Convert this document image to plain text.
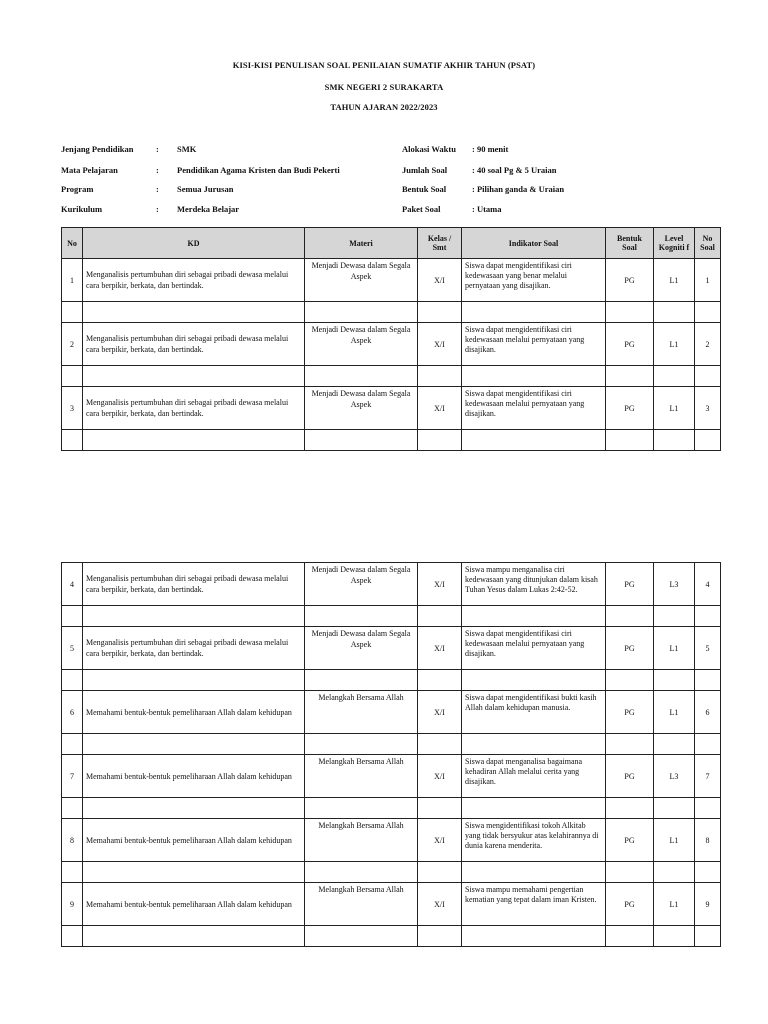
KISI-KISI PENULISAN SOAL PENILAIAN SUMATIF AKHIR TAHUN (PSAT)
SMK NEGERI 2 SURAKARTA
TAHUN AJARAN 2022/2023
Jenjang Pendidikan	: SMK
Mata Pelajaran	: Pendidikan Agama Kristen dan Budi Pekerti
Program	: Semua Jurusan
Kurikulum	: Merdeka Belajar
Alokasi Waktu : 90 menit
Jumlah Soal	: 40 soal Pg & 5 Uraian
Bentuk Soal	: Pilihan ganda & Uraian
Paket Soal	: Utama
No	KD	Materi	Kelas / Smt	Indikator Soal	Bentuk Soal	Level Kogniti f	No Soal
1	Menganalisis pertumbuhan diri sebagai pribadi dewasa melalui cara berpikir, berkata, dan bertindak.	Menjadi Dewasa dalam Segala Aspek	X/I	Siswa dapat mengidentifikasi ciri kedewasaan yang benar melalui pernyataan yang disajikan.	PG	L1	1

2	Menganalisis pertumbuhan diri sebagai pribadi dewasa melalui cara berpikir, berkata, dan bertindak.	Menjadi Dewasa dalam Segala Aspek	X/I	Siswa dapat mengidentifikasi ciri kedewasaan melalui pernyataan yang disajikan.	PG	L1	2

3	Menganalisis pertumbuhan diri sebagai pribadi dewasa melalui cara berpikir, berkata, dan bertindak.	Menjadi Dewasa dalam Segala Aspek	X/I	Siswa dapat mengidentifikasi ciri kedewasaan melalui pernyataan yang disajikan.	PG	L1	3

4	Menganalisis pertumbuhan diri sebagai pribadi dewasa melalui cara berpikir, berkata, dan bertindak.	Menjadi Dewasa dalam Segala Aspek	X/I	Siswa mampu menganalisa ciri kedewasaan yang ditunjukan dalam kisah Tuhan Yesus dalam Lukas 2:42-52.	PG	L3	4

5	Menganalisis pertumbuhan diri sebagai pribadi dewasa melalui cara berpikir, berkata, dan bertindak.	Menjadi Dewasa dalam Segala Aspek	X/I	Siswa dapat mengidentifikasi ciri kedewasaan melalui pernyataan yang disajikan.	PG	L1	5

6	Memahami bentuk-bentuk pemeliharaan Allah dalam kehidupan	Melangkah Bersama Allah	X/I	Siswa dapat mengidentifikasi bukti kasih Allah dalam kehidupan manusia.	PG	L1	6

7	Memahami bentuk-bentuk pemeliharaan Allah dalam kehidupan	Melangkah Bersama Allah	X/I	Siswa dapat menganalisa bagaimana kehadiran Allah melalui cerita yang disajikan.	PG	L3	7

8	Memahami bentuk-bentuk pemeliharaan Allah dalam kehidupan	Melangkah Bersama Allah	X/I	Siswa mengidentifikasi tokoh Alkitab yang tidak bersyukur atas kelahirannya di dunia karena menderita.	PG	L1	8

9	Memahami bentuk-bentuk pemeliharaan Allah dalam kehidupan	Melangkah Bersama Allah	X/I	Siswa mampu memahami pengertian kematian yang tepat dalam iman Kristen.	PG	L1	9
